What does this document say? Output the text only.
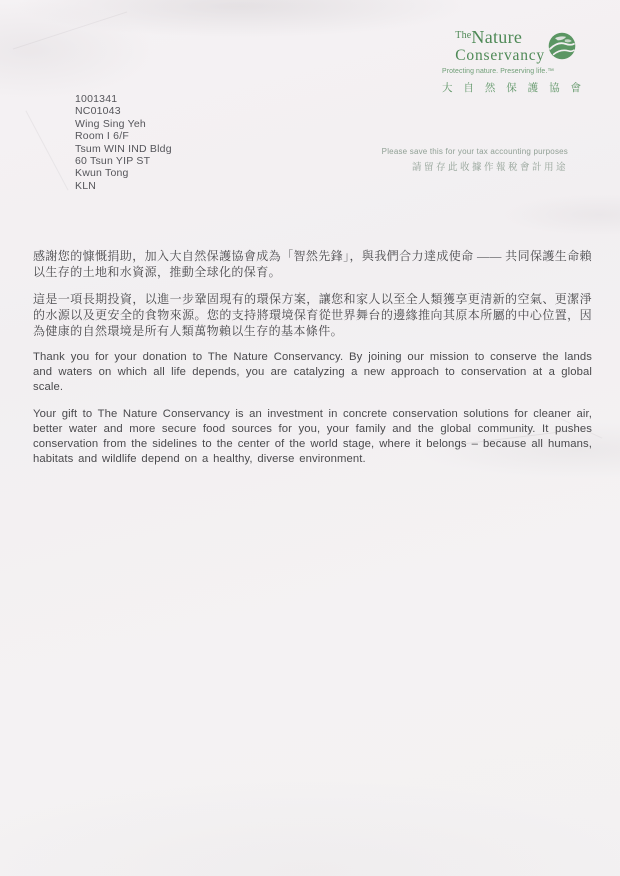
$^{The}$Nature
Conservancy
Protecting nature. Preserving life.™
大 自 然 保 護 協 會
1001341
NC01043
Wing Sing Yeh
Room I 6/F
Tsum WIN IND Bldg
60 Tsun YIP ST
Kwun Tong
KLN
Please save this for your tax accounting purposes
請留存此收據作報稅會計用途

感謝您的慷慨捐助，加入大自然保護協會成為「智然先鋒」，與我們合力達成使命 —— 共同保護生命賴以生存的土地和水資源，推動全球化的保育。

這是一項長期投資，以進一步鞏固現有的環保方案，讓您和家人以至全人類獲享更清新的空氣、更潔淨的水源以及更安全的食物來源。您的支持將環境保育從世界舞台的邊緣推向其原本所屬的中心位置，因為健康的自然環境是所有人類萬物賴以生存的基本條件。

Thank you for your donation to The Nature Conservancy. By joining our mission to conserve the lands and waters on which all life depends, you are catalyzing a new approach to conservation at a global scale.

Your gift to The Nature Conservancy is an investment in concrete conservation solutions for cleaner air, better water and more secure food sources for you, your family and the global community. It pushes conservation from the sidelines to the center of the world stage, where it belongs – because all humans, habitats and wildlife depend on a healthy, diverse environment.
